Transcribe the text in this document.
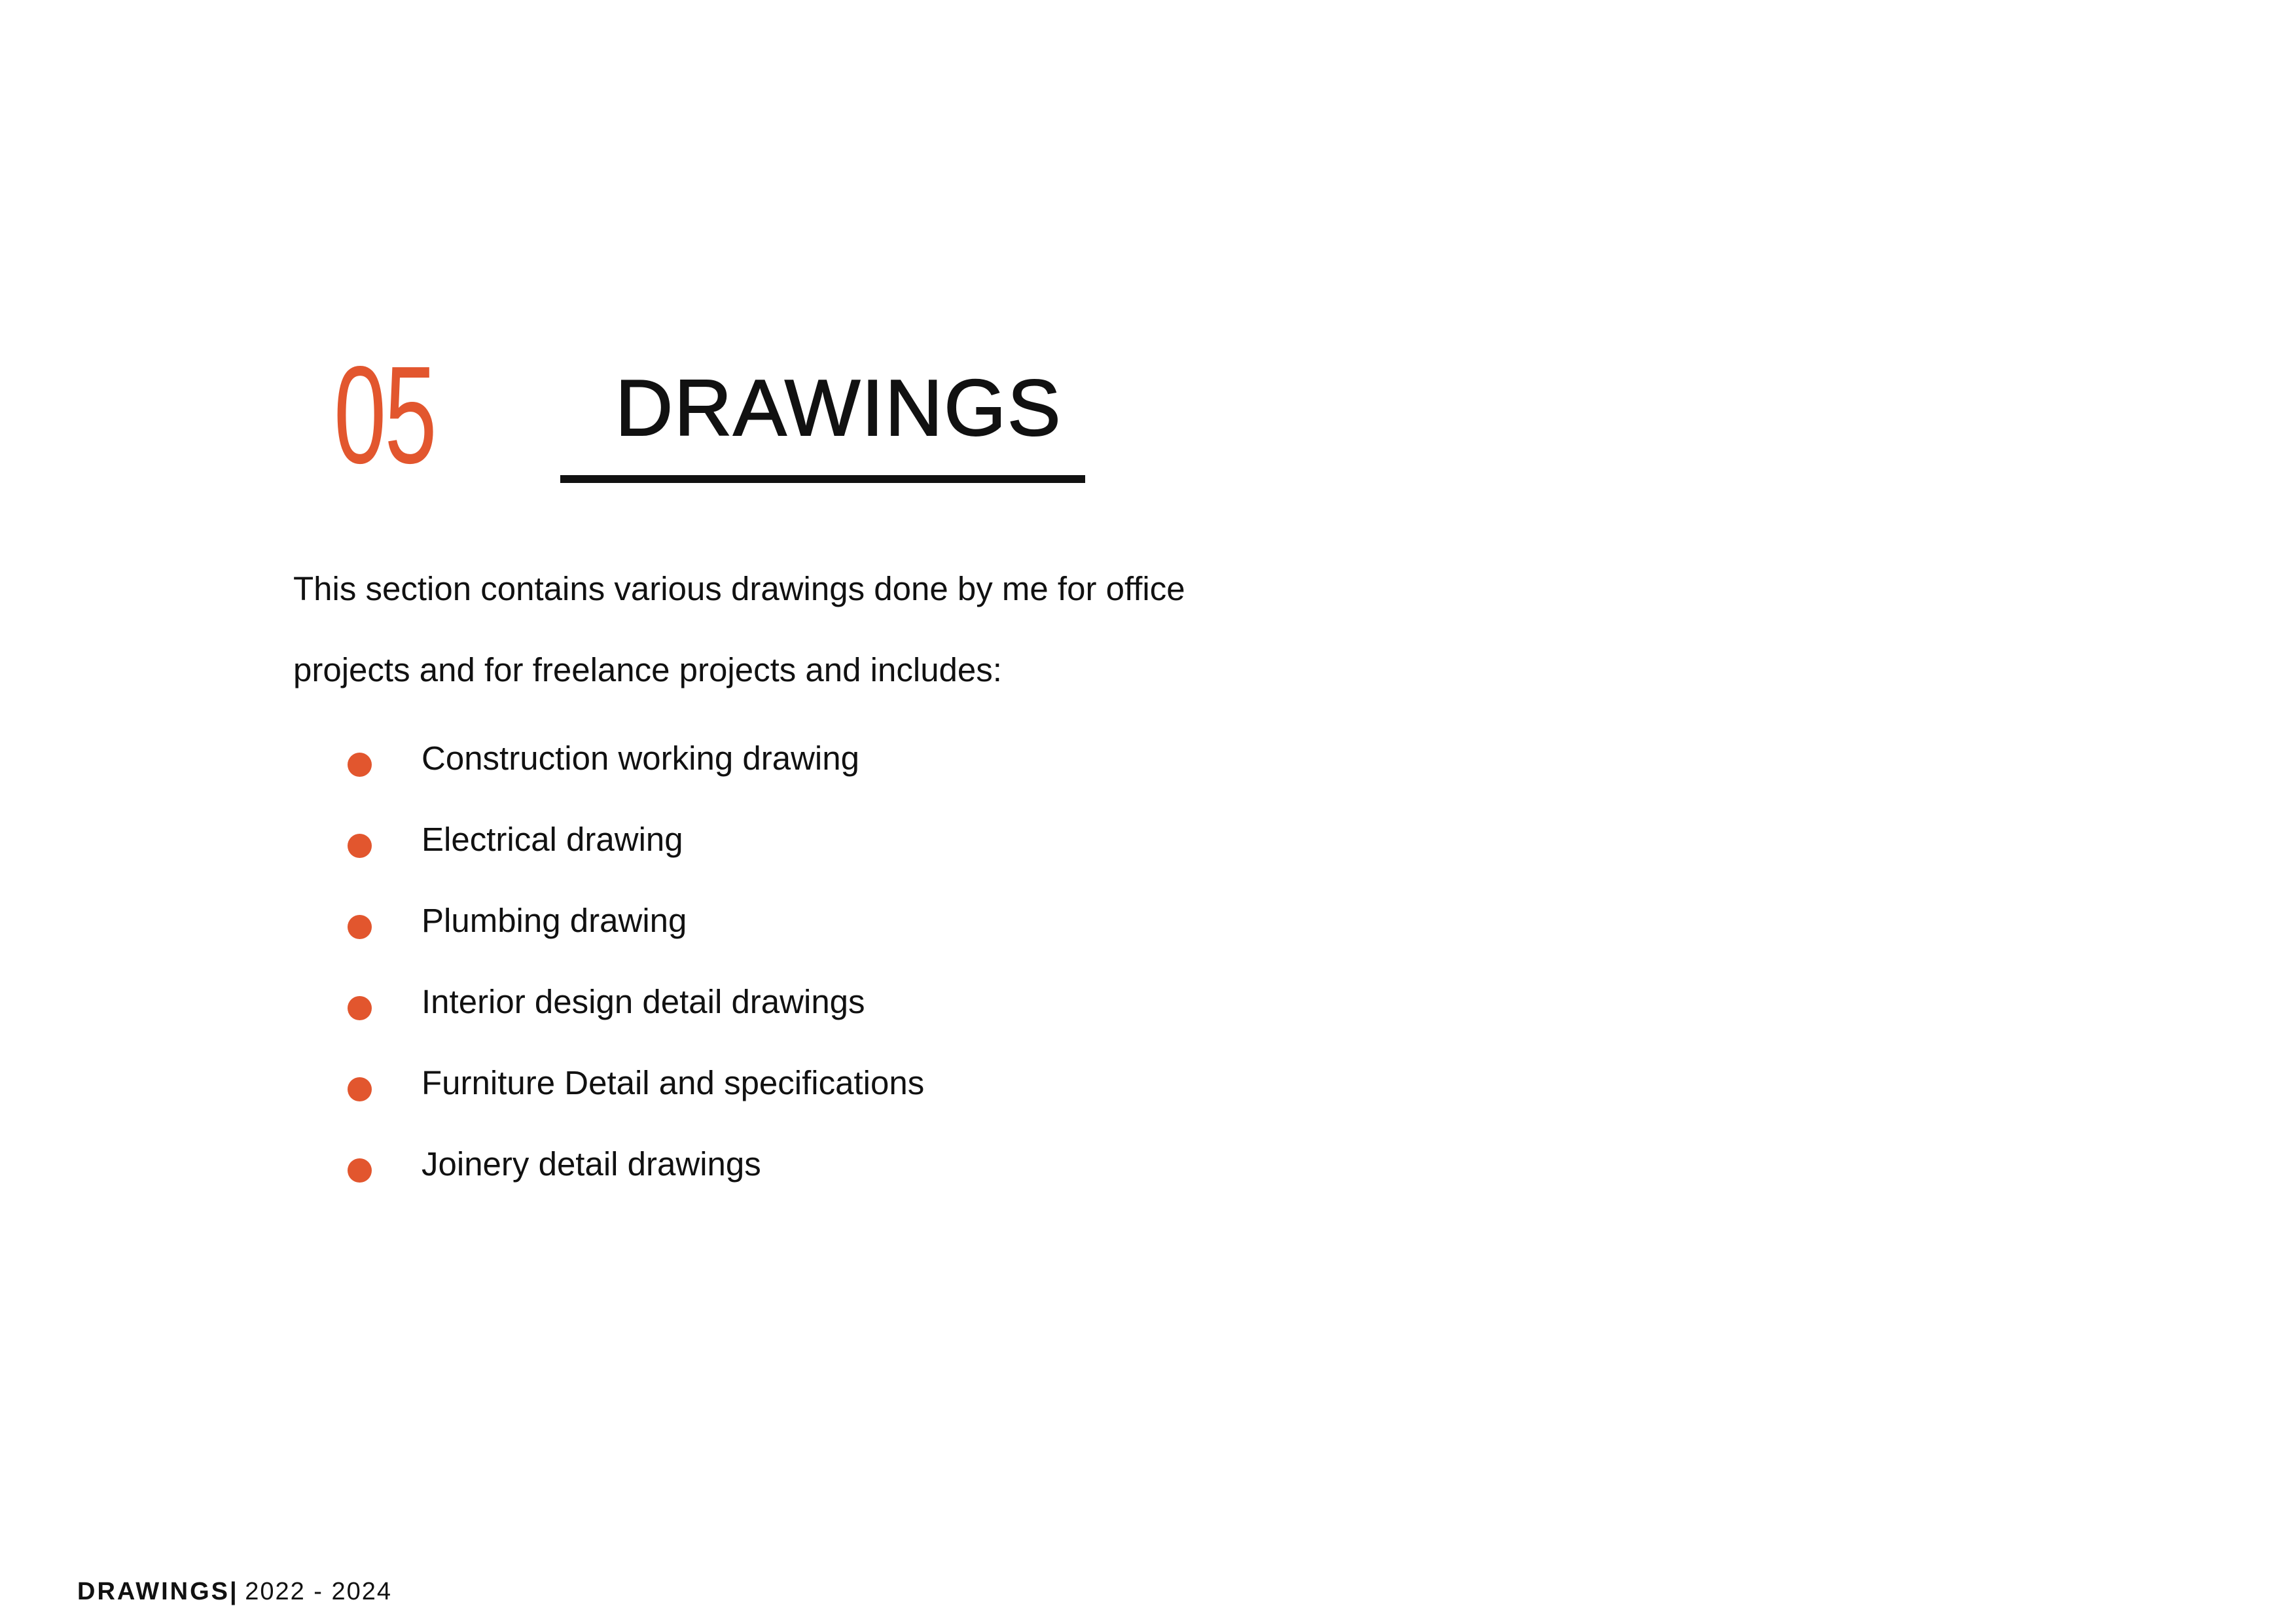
05 DRAWINGS

This section contains various drawings done by me for office

projects and for freelance projects and includes:

Construction working drawing
Electrical drawing
Plumbing drawing
Interior design detail drawings
Furniture Detail and specifications
Joinery detail drawings
DRAWINGS| 2022 - 2024
